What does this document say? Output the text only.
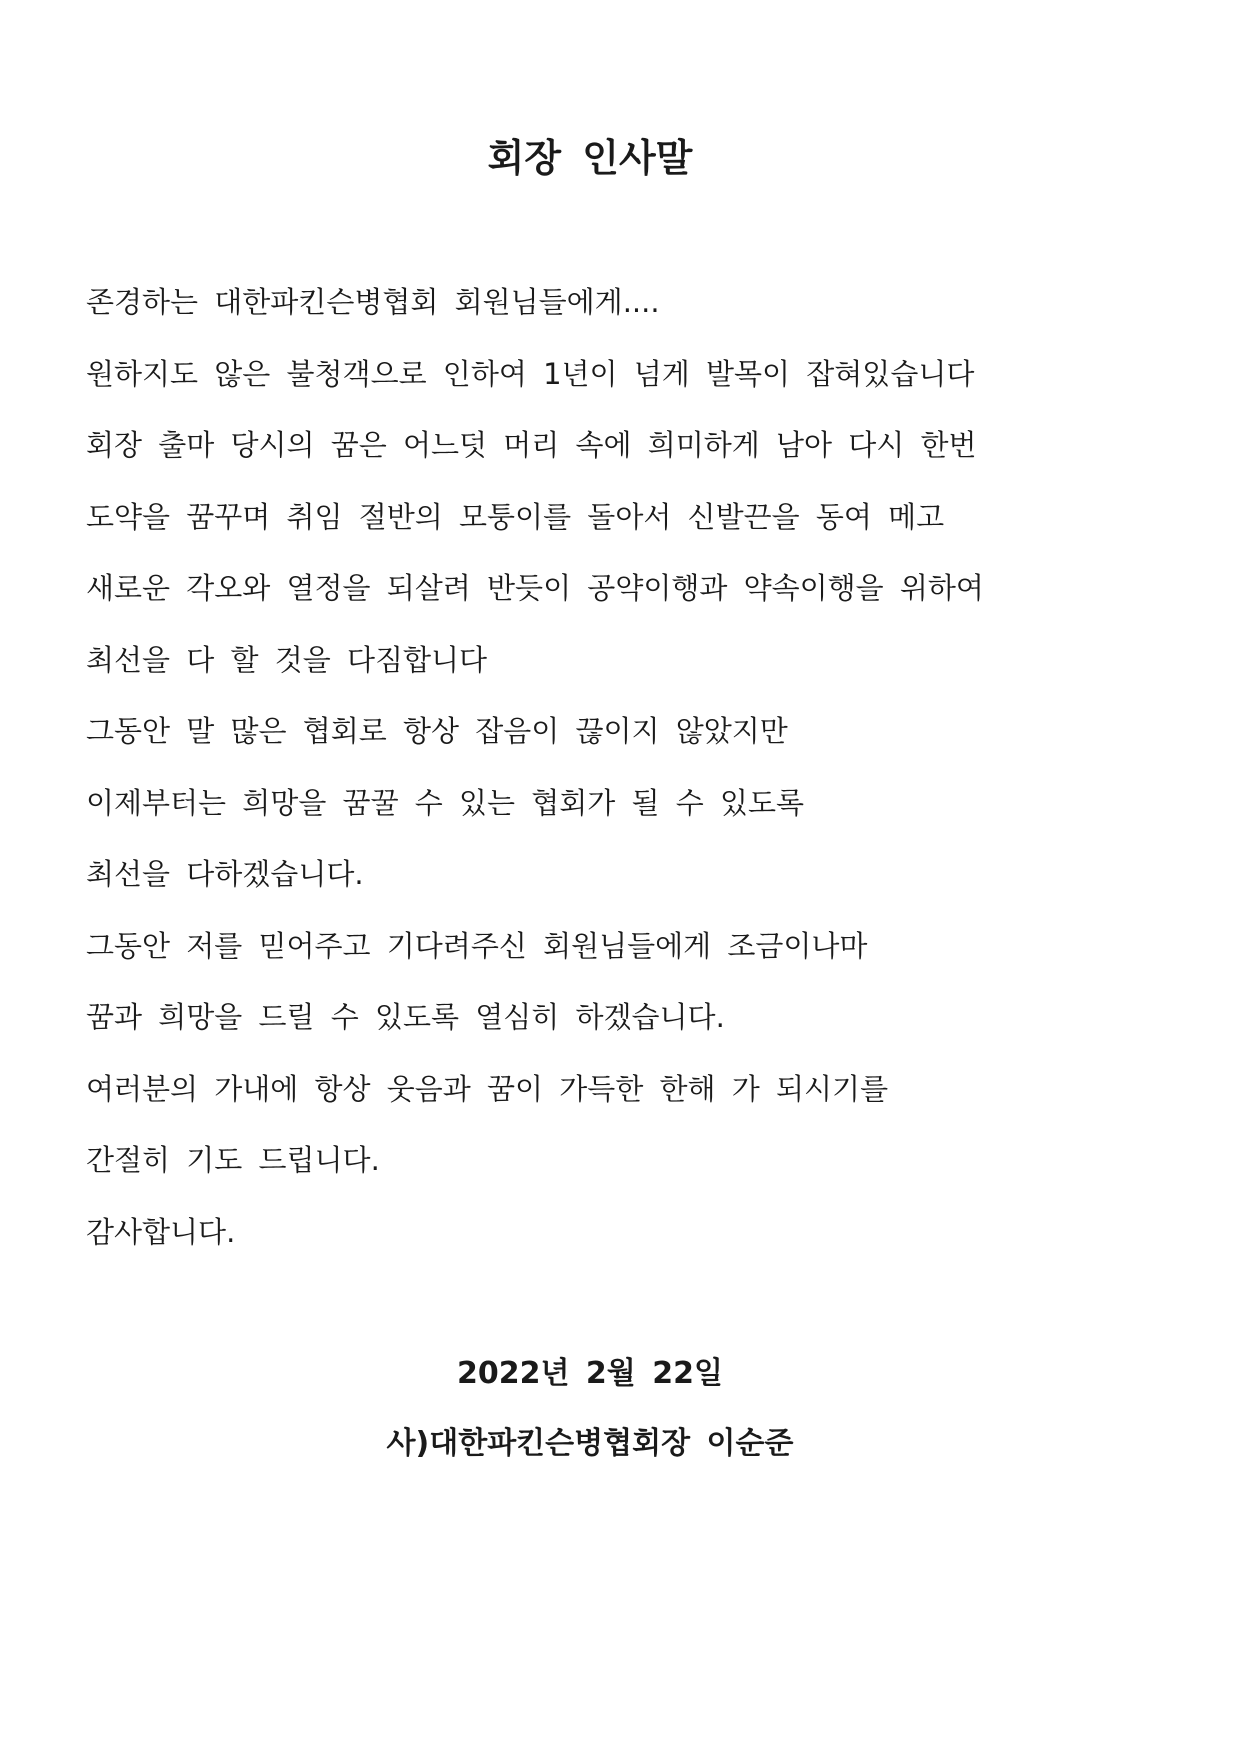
회장 인사말
존경하는 대한파킨슨병협회 회원님들에게....
원하지도 않은 불청객으로 인하여 1년이 넘게 발목이 잡혀있습니다
회장 출마 당시의 꿈은 어느덧 머리 속에 희미하게 남아 다시 한번
도약을 꿈꾸며 취임 절반의 모퉁이를 돌아서 신발끈을 동여 메고
새로운 각오와 열정을 되살려 반듯이 공약이행과 약속이행을 위하여
최선을 다 할 것을 다짐합니다
그동안 말 많은 협회로 항상 잡음이 끊이지 않았지만
이제부터는 희망을 꿈꿀 수 있는 협회가 될 수 있도록
최선을 다하겠습니다.
그동안 저를 믿어주고 기다려주신 회원님들에게 조금이나마
꿈과 희망을 드릴 수 있도록 열심히 하겠습니다.
여러분의 가내에 항상 웃음과 꿈이 가득한 한해 가 되시기를
간절히 기도 드립니다.
감사합니다.
2022년 2월 22일
사)대한파킨슨병협회장 이순준
